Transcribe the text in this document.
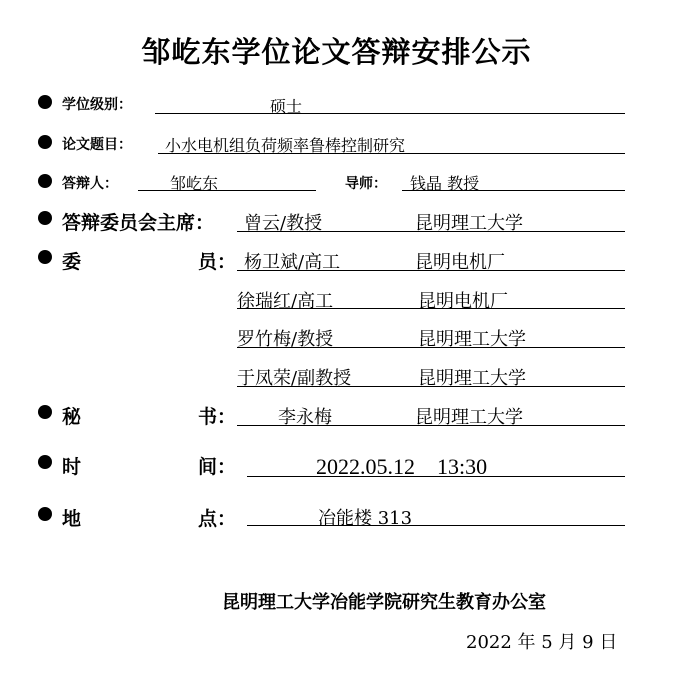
邹屹东学位论文答辩安排公示
学位级别：	硕士
论文题目： 小水电机组负荷频率鲁棒控制研究
答辩人：	邹屹东	导师： 钱晶 教授
答辩委员会主席： 曾云/教授	昆明理工大学
委	员： 杨卫斌/高工	昆明电机厂
徐瑞红/高工	昆明电机厂
罗竹梅/教授	昆明理工大学
于凤荣/副教授	昆明理工大学
秘	书： 李永梅	昆明理工大学
时	间：	2022.05.12　13:30
地	点：	冶能楼 313
昆明理工大学冶能学院研究生教育办公室
2022 年 5 月 9 日
